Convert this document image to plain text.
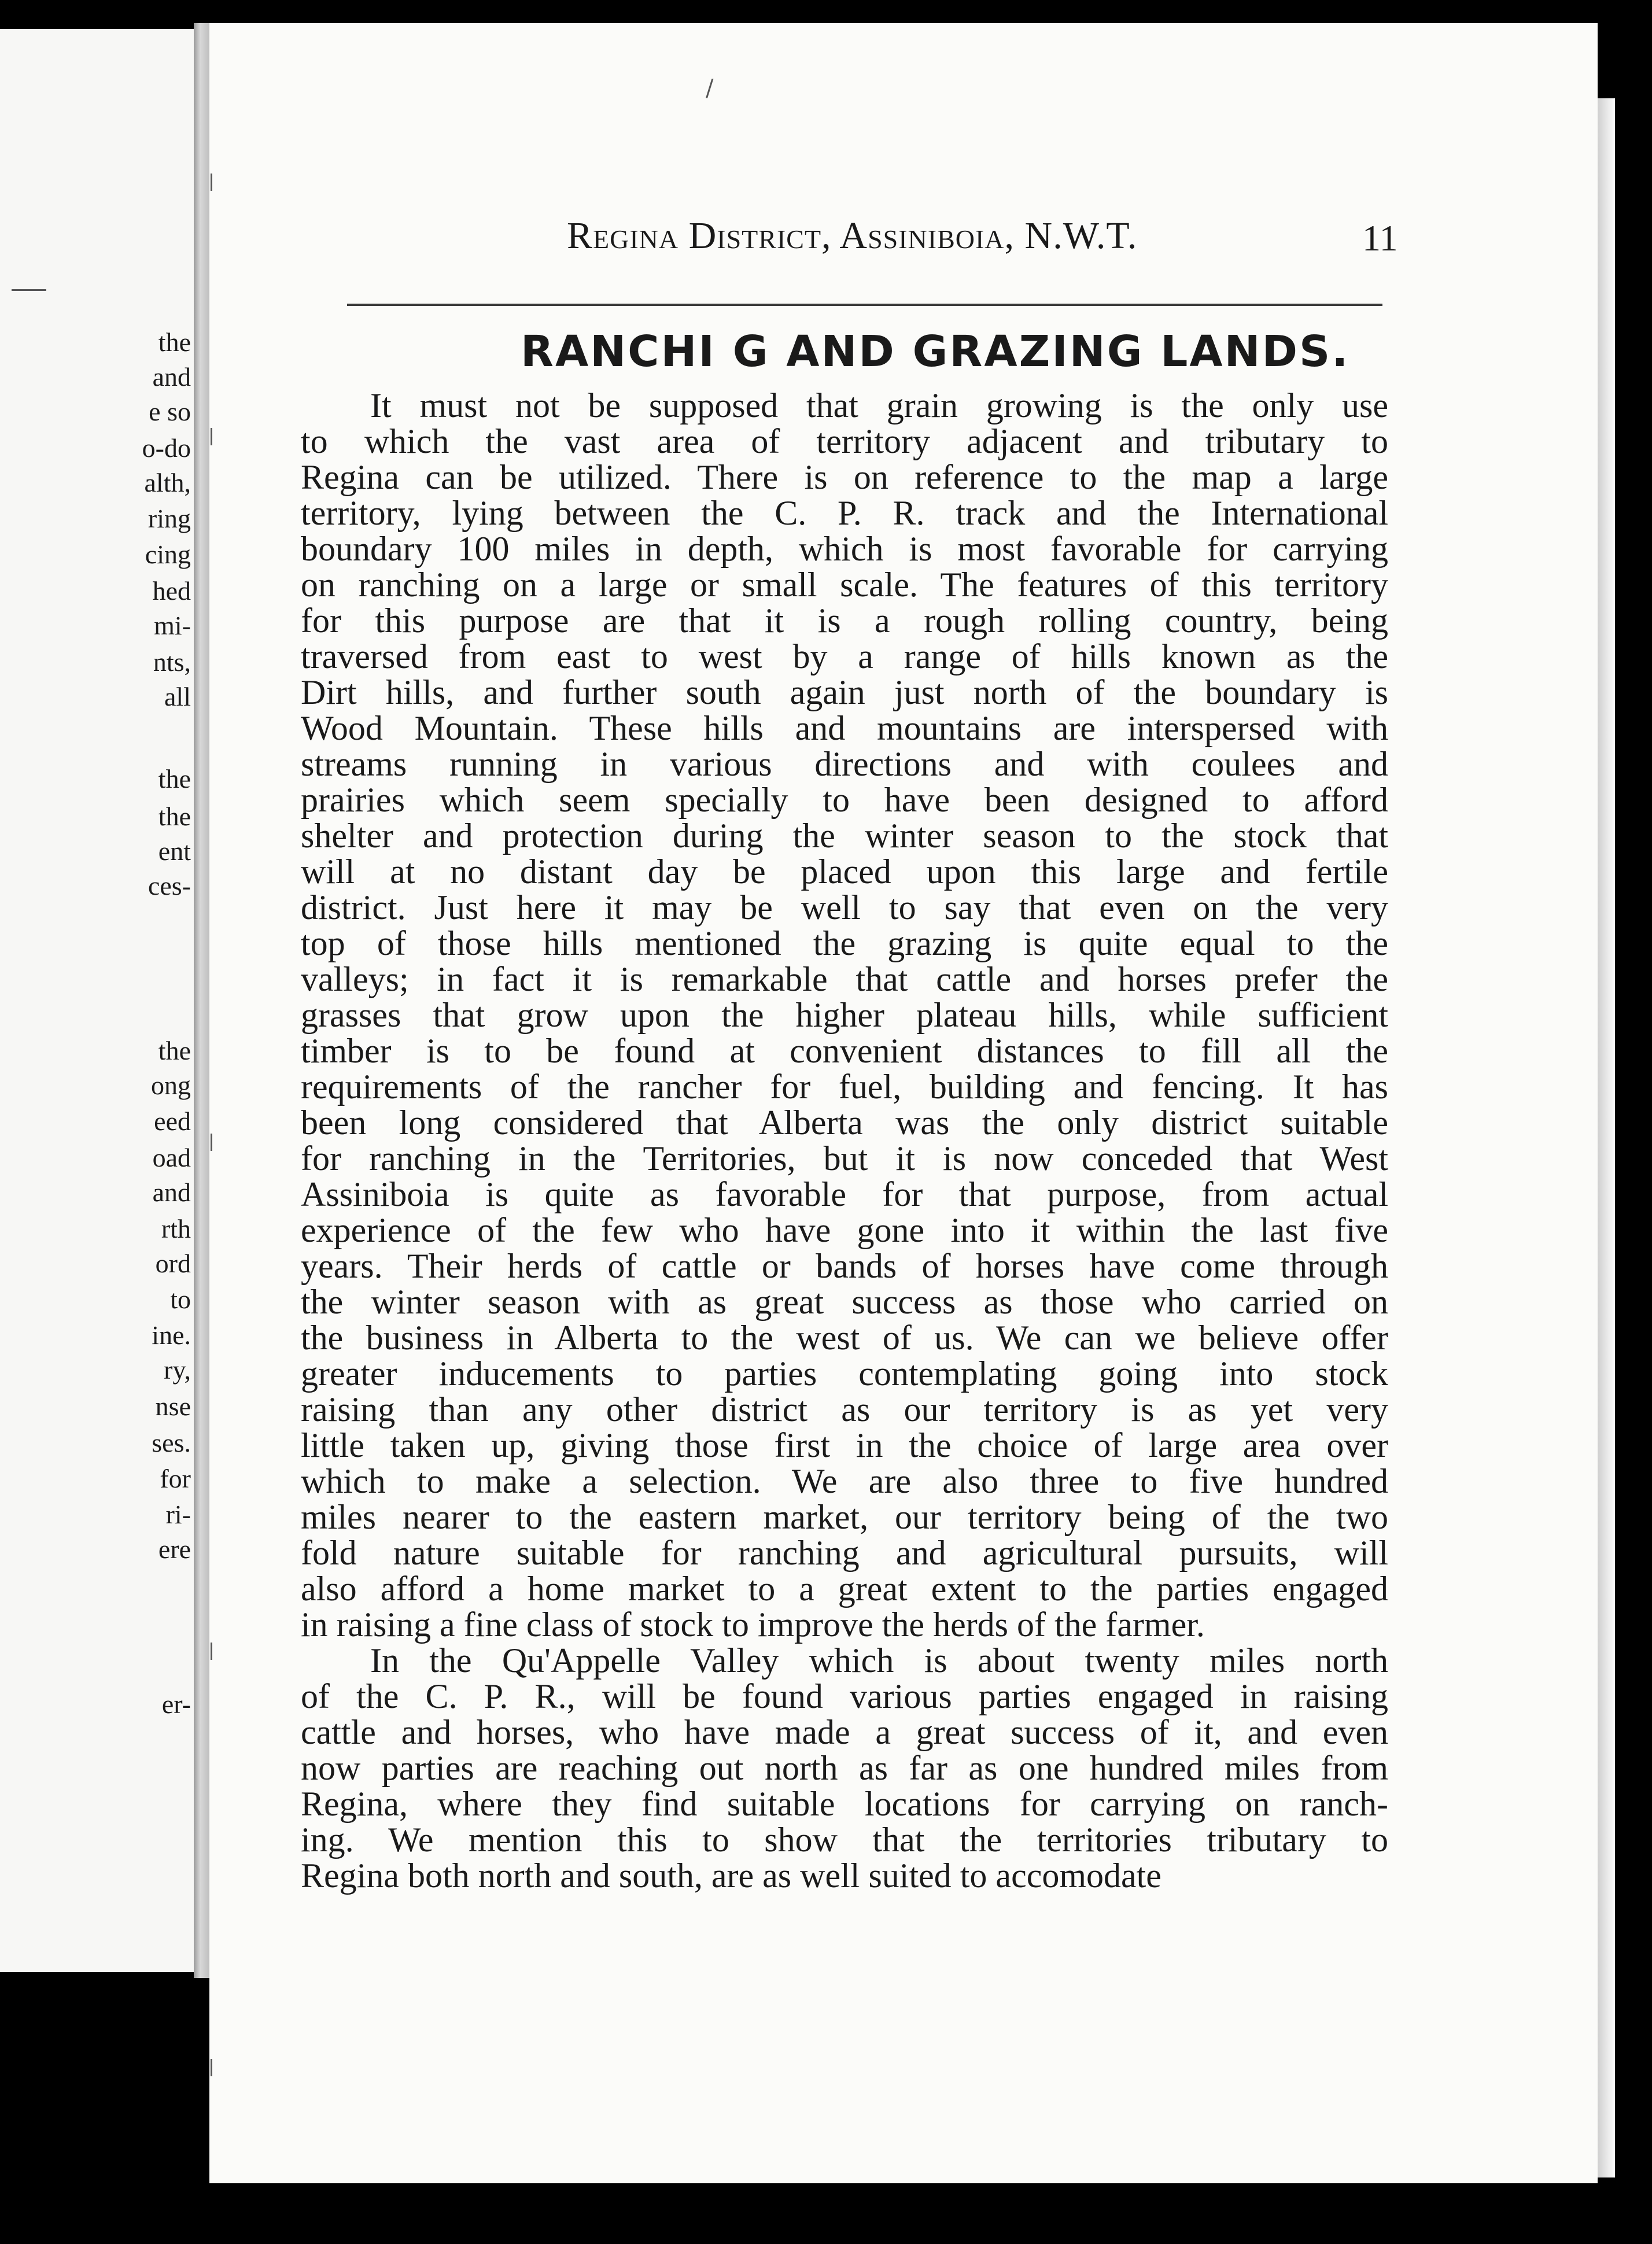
the
and
e so
o-do
alth,
ring
cing
hed
mi-
nts,
all
the
the
ent
ces-
the
ong
eed
oad
and
rth
ord
to
ine.
ry,
nse
ses.
for
ri-
ere
er-
/
Regina District, Assiniboia, N.W.T.	11
RANCHI G AND GRAZING LANDS.
It must not be supposed that grain growing is the only use
to which the vast area of territory adjacent and tributary to
Regina can be utilized. There is on reference to the map a large
territory, lying between the C. P. R. track and the International
boundary 100 miles in depth, which is most favorable for carrying
on ranching on a large or small scale. The features of this territory
for this purpose are that it is a rough rolling country, being
traversed from east to west by a range of hills known as the
Dirt hills, and further south again just north of the boundary is
Wood Mountain. These hills and mountains are interspersed with
streams running in various directions and with coulees and
prairies which seem specially to have been designed to afford
shelter and protection during the winter season to the stock that
will at no distant day be placed upon this large and fertile
district. Just here it may be well to say that even on the very
top of those hills mentioned the grazing is quite equal to the
valleys; in fact it is remarkable that cattle and horses prefer the
grasses that grow upon the higher plateau hills, while sufficient
timber is to be found at convenient distances to fill all the
requirements of the rancher for fuel, building and fencing. It has
been long considered that Alberta was the only district suitable
for ranching in the Territories, but it is now conceded that West
Assiniboia is quite as favorable for that purpose, from actual
experience of the few who have gone into it within the last five
years. Their herds of cattle or bands of horses have come through
the winter season with as great success as those who carried on
the business in Alberta to the west of us. We can we believe offer
greater inducements to parties contemplating going into stock
raising than any other district as our territory is as yet very
little taken up, giving those first in the choice of large area over
which to make a selection. We are also three to five hundred
miles nearer to the eastern market, our territory being of the two
fold nature suitable for ranching and agricultural pursuits, will
also afford a home market to a great extent to the parties engaged
in raising a fine class of stock to improve the herds of the farmer.
In the Qu'Appelle Valley which is about twenty miles north
of the C. P. R., will be found various parties engaged in raising
cattle and horses, who have made a great success of it, and even
now parties are reaching out north as far as one hundred miles from
Regina, where they find suitable locations for carrying on ranch-
ing. We mention this to show that the territories tributary to
Regina both north and south, are as well suited to accomodate
